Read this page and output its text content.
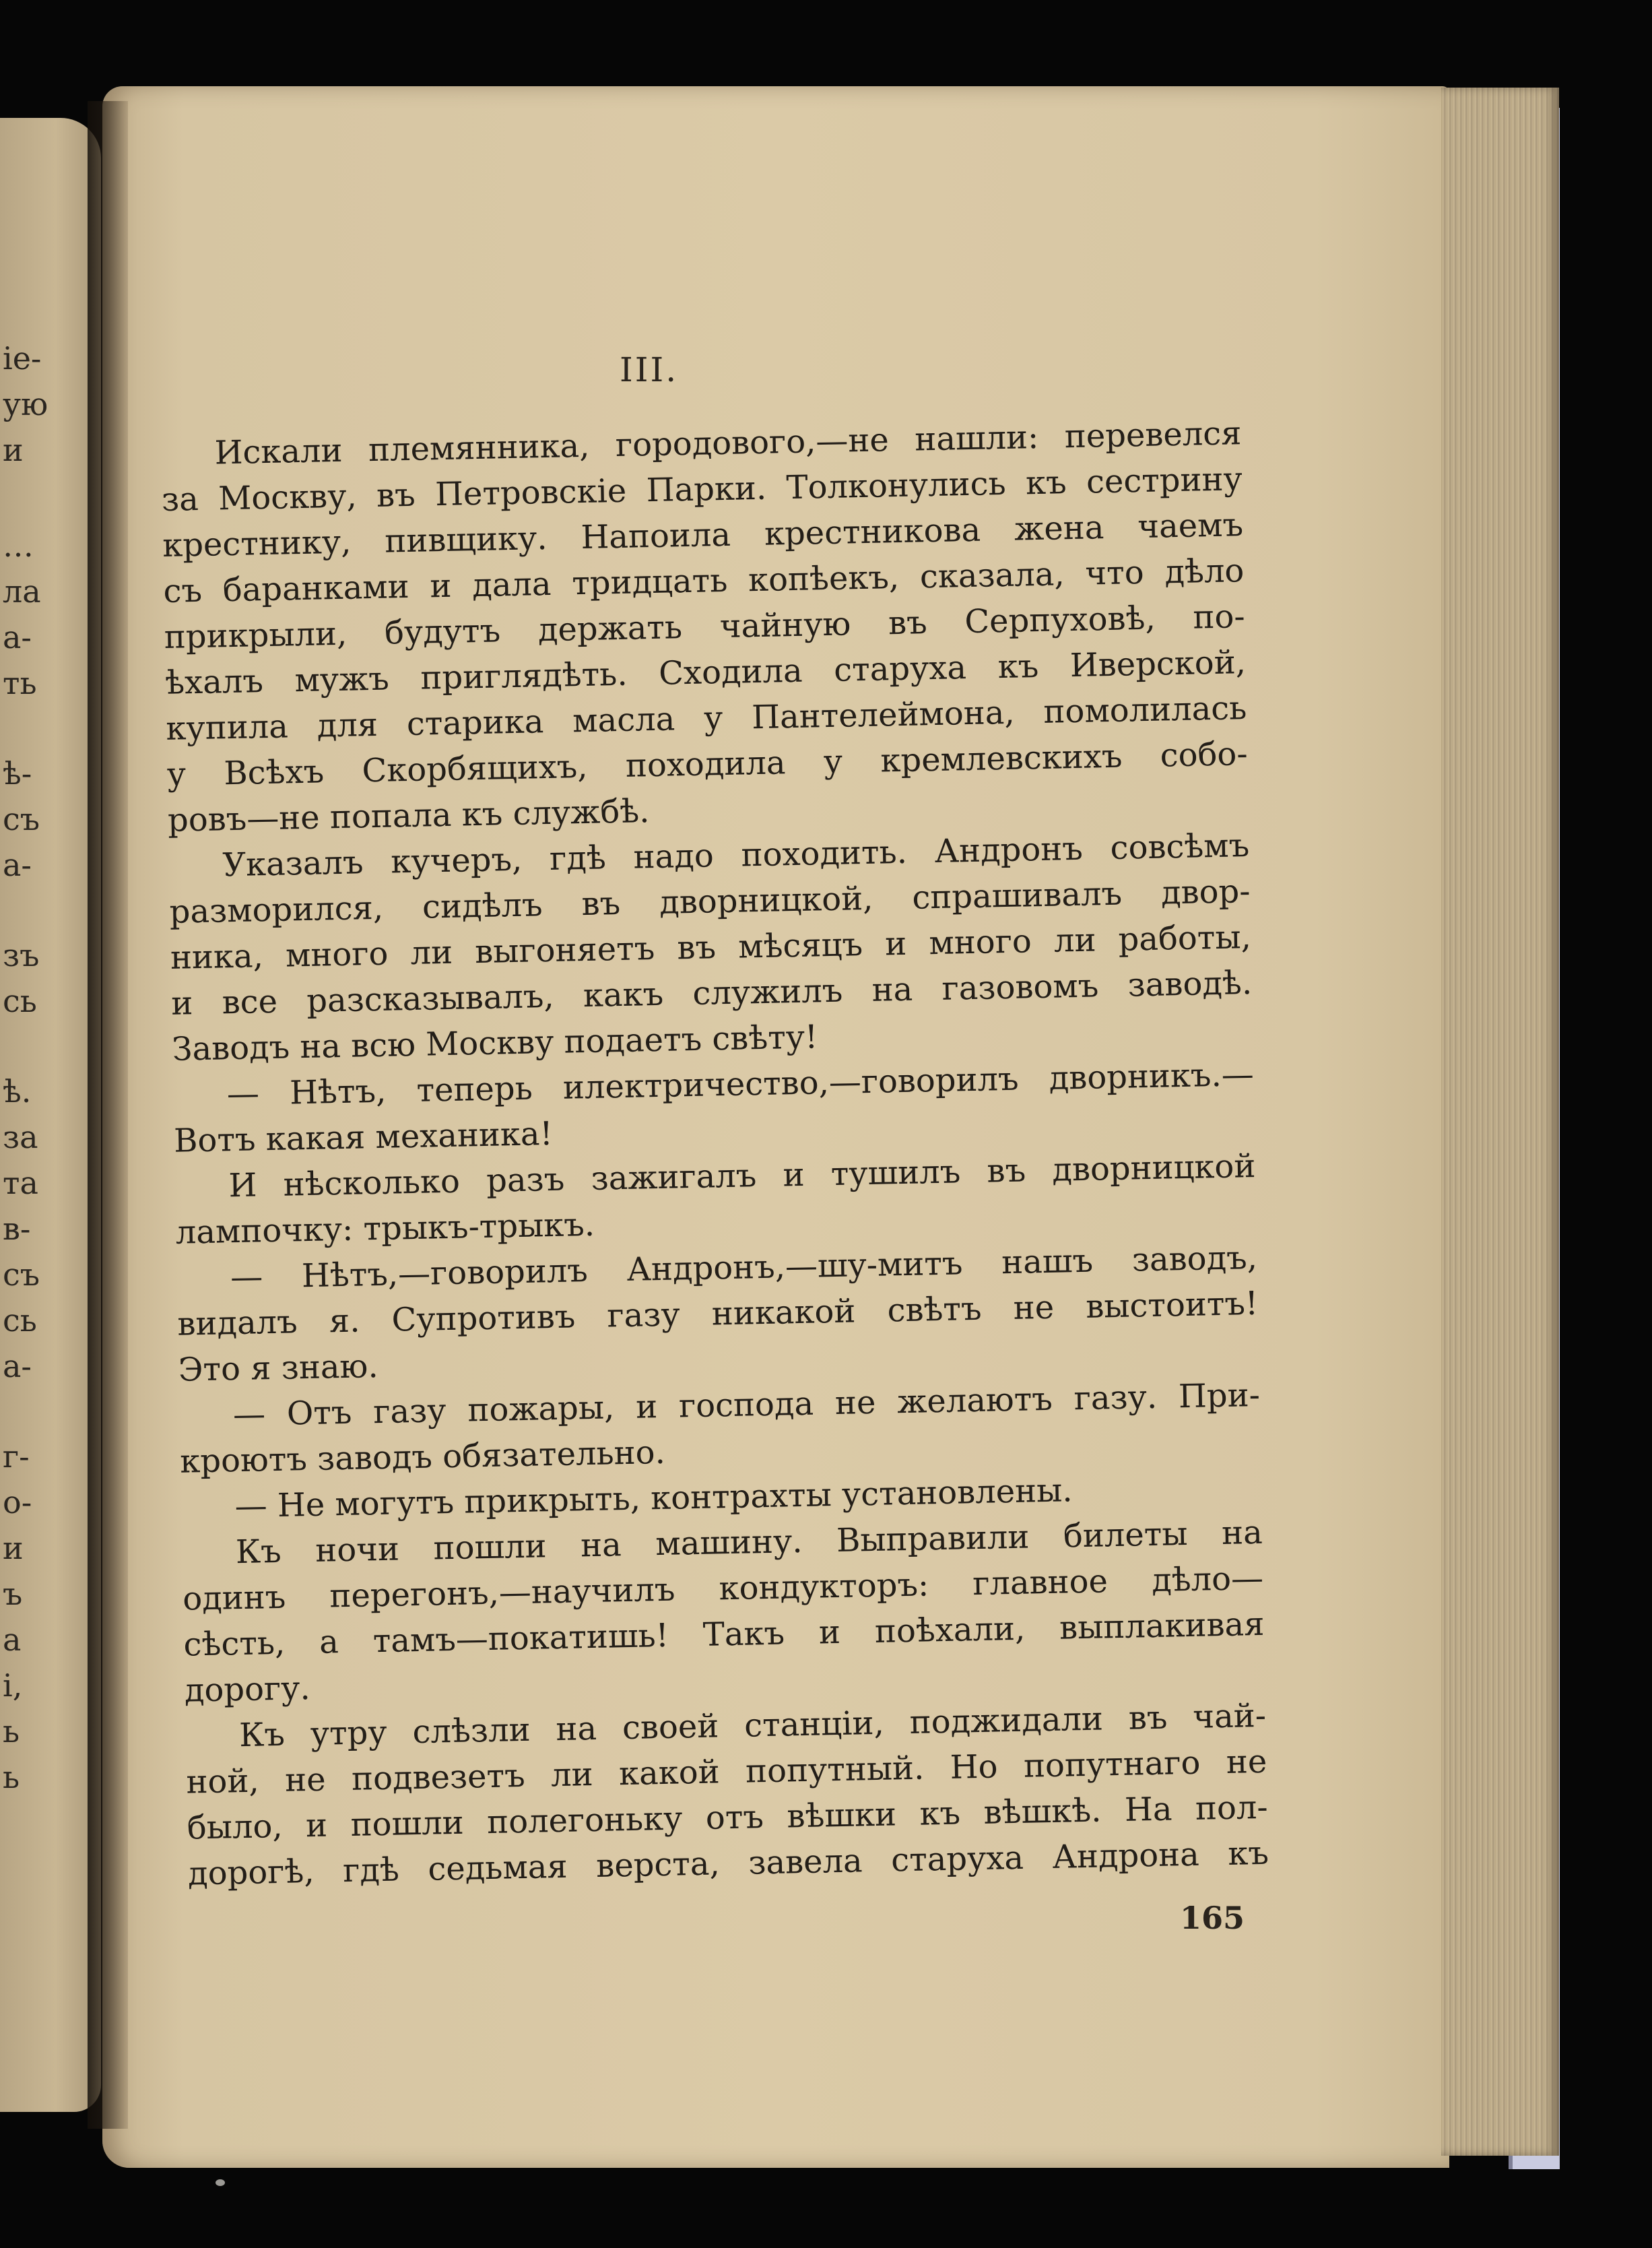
ie-
ую
и
…
ла
а-
ть
ѣ-
съ
а-
зъ
сь
ѣ.
за
та
в-
съ
сь
а-
г-
о-
и
ъ
а
і,
ь
ь
III.
Искали племянника, городового,—не нашли: перевелся
за Москву, въ Петровскіе Парки. Толконулись къ сестрину
крестнику, пивщику. Напоила крестникова жена чаемъ
съ баранками и дала тридцать копѣекъ, сказала, что дѣло
прикрыли, будутъ держать чайную въ Серпуховѣ, по-
ѣхалъ мужъ приглядѣть. Сходила старуха къ Иверской,
купила для старика масла у Пантелеймона, помолилась
у Всѣхъ Скорбящихъ, походила у кремлевскихъ собо-
ровъ—не попала къ службѣ.
Указалъ кучеръ, гдѣ надо походить. Андронъ совсѣмъ
разморился, сидѣлъ въ дворницкой, спрашивалъ двор-
ника, много ли выгоняетъ въ мѣсяцъ и много ли работы,
и все разсказывалъ, какъ служилъ на газовомъ заводѣ.
Заводъ на всю Москву подаетъ свѣту!
— Нѣтъ, теперь илектричество,—говорилъ дворникъ.—
Вотъ какая механика!
И нѣсколько разъ зажигалъ и тушилъ въ дворницкой
лампочку: трыкъ-трыкъ.
— Нѣтъ,—говорилъ Андронъ,—шу-митъ нашъ заводъ,
видалъ я. Супротивъ газу никакой свѣтъ не выстоитъ!
Это я знаю.
— Отъ газу пожары, и господа не желаютъ газу. При-
кроютъ заводъ обязательно.
— Не могутъ прикрыть, контрахты установлены.
Къ ночи пошли на машину. Выправили билеты на
одинъ перегонъ,—научилъ кондукторъ: главное дѣло—
сѣсть, а тамъ—покатишь! Такъ и поѣхали, выплакивая
дорогу.
Къ утру слѣзли на своей станціи, поджидали въ чай-
ной, не подвезетъ ли какой попутный. Но попутнаго не
было, и пошли полегоньку отъ вѣшки къ вѣшкѣ. На пол-
дорогѣ, гдѣ седьмая верста, завела старуха Андрона къ
165
